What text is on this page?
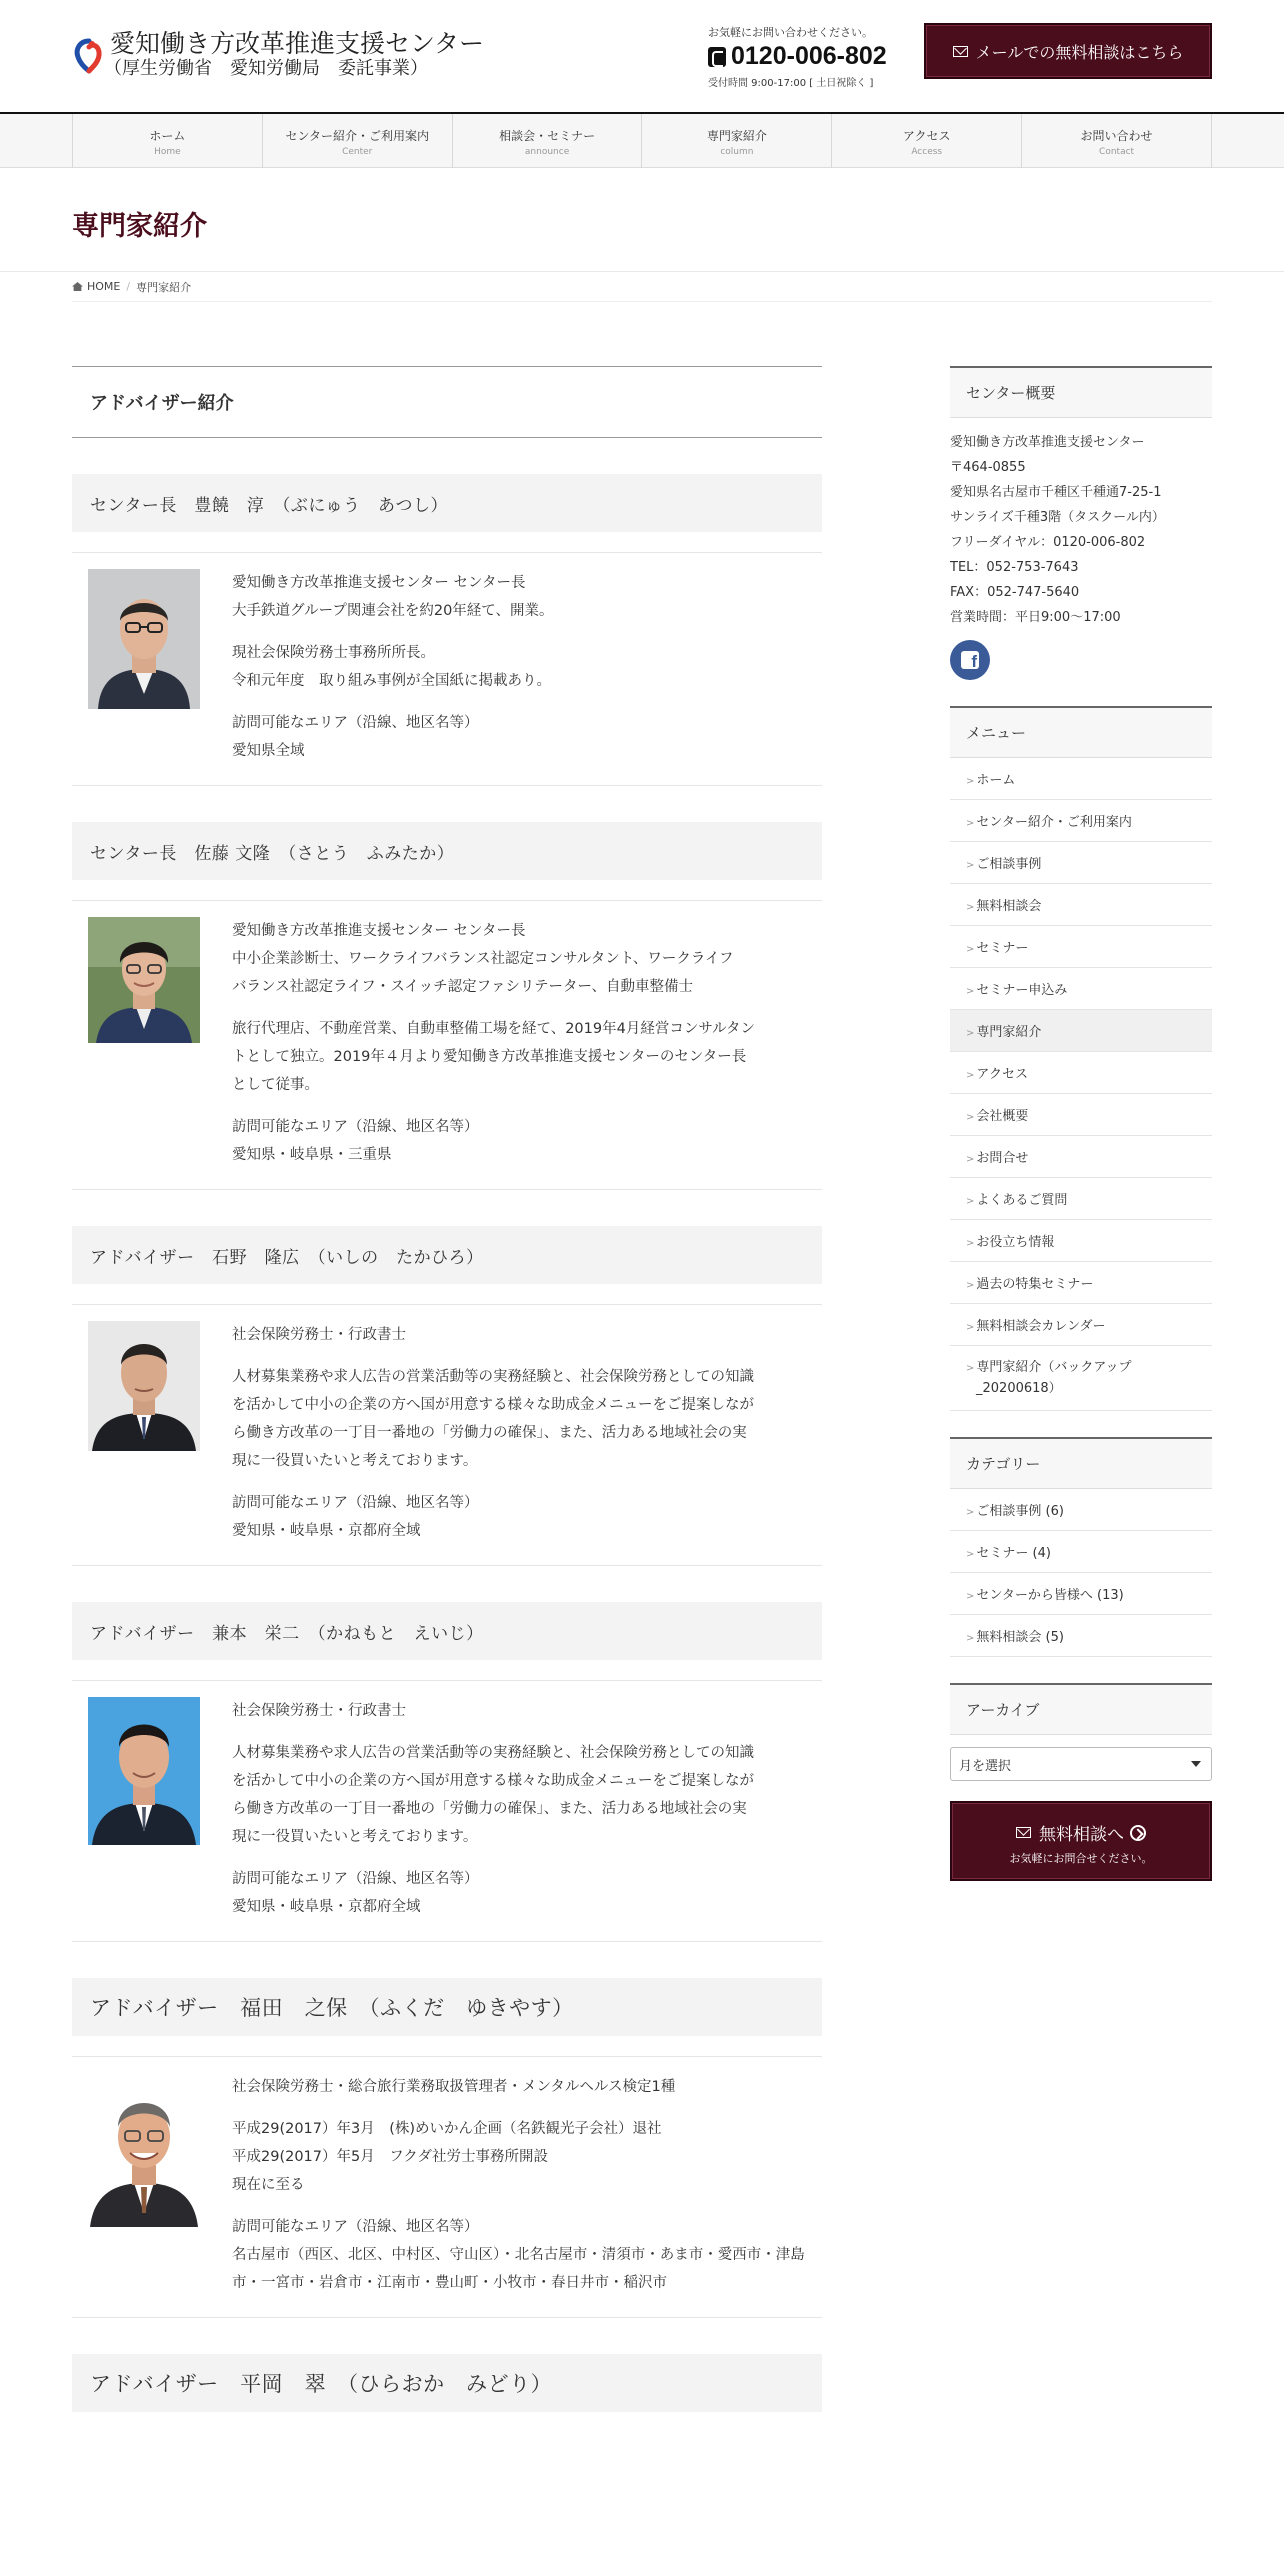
愛知働き方改革推進支援センター
（厚生労働省　愛知労働局　委託事業）
お気軽にお問い合わせください。
0120-006-802
受付時間 9:00-17:00 [ 土日祝除く ]
メールでの無料相談はこちら
ホーム
Home
センター紹介・ご利用案内
Center
相談会・セミナー
announce
専門家紹介
column
アクセス
Access
お問い合わせ
Contact
専門家紹介
HOME / 専門家紹介
アドバイザー紹介
センター長　豊饒　淳　（ぶにゅう　あつし）

愛知働き方改革推進支援センター センター長
大手鉄道グループ関連会社を約20年経て、開業。

現社会保険労務士事務所所長。
令和元年度　取り組み事例が全国紙に掲載あり。

訪問可能なエリア（沿線、地区名等）
愛知県全域

センター長　佐藤 文隆　（さとう　ふみたか）

愛知働き方改革推進支援センター センター長
中小企業診断士、ワークライフバランス社認定コンサルタント、ワークライフ
バランス社認定ライフ・スイッチ認定ファシリテーター、自動車整備士

旅行代理店、不動産営業、自動車整備工場を経て、2019年4月経営コンサルタン
トとして独立。2019年４月より愛知働き方改革推進支援センターのセンター長
として従事。

訪問可能なエリア（沿線、地区名等）
愛知県・岐阜県・三重県

アドバイザー　石野　隆広　（いしの　たかひろ）

社会保険労務士・行政書士

人材募集業務や求人広告の営業活動等の実務経験と、社会保険労務としての知識
を活かして中小の企業の方へ国が用意する様々な助成金メニューをご提案しなが
ら働き方改革の一丁目一番地の「労働力の確保」、また、活力ある地域社会の実
現に一役買いたいと考えております。

訪問可能なエリア（沿線、地区名等）
愛知県・岐阜県・京都府全域

アドバイザー　兼本　栄二　（かねもと　えいじ）

社会保険労務士・行政書士

人材募集業務や求人広告の営業活動等の実務経験と、社会保険労務としての知識
を活かして中小の企業の方へ国が用意する様々な助成金メニューをご提案しなが
ら働き方改革の一丁目一番地の「労働力の確保」、また、活力ある地域社会の実
現に一役買いたいと考えております。

訪問可能なエリア（沿線、地区名等）
愛知県・岐阜県・京都府全域

アドバイザー　福田　之保　（ふくだ　ゆきやす）

社会保険労務士・総合旅行業務取扱管理者・メンタルヘルス検定1種

平成29(2017）年3月　(株)めいかん企画（名鉄観光子会社）退社
平成29(2017）年5月　フクダ社労士事務所開設
現在に至る

訪問可能なエリア（沿線、地区名等）
名古屋市（西区、北区、中村区、守山区）・北名古屋市・清須市・あま市・愛西市・津島市・一宮市・岩倉市・江南市・豊山町・小牧市・春日井市・稲沢市

アドバイザー　平岡　翠　（ひらおか　みどり）
センター概要
愛知働き方改革推進支援センター
〒464-0855
愛知県名古屋市千種区千種通7-25-1
サンライズ千種3階（タスクール内）
フリーダイヤル：0120-006-802
TEL：052-753-7643
FAX：052-747-5640
営業時間：平日9:00～17:00
f
メニュー
> ホーム
> センター紹介・ご利用案内
> ご相談事例
> 無料相談会
> セミナー
> セミナー申込み
> 専門家紹介
> アクセス
> 会社概要
> お問合せ
> よくあるご質問
> お役立ち情報
> 過去の特集セミナー
> 無料相談会カレンダー
> 専門家紹介（バックアップ
_20200618）
カテゴリー
> ご相談事例 (6)
> セミナー (4)
> センターから皆様へ (13)
> 無料相談会 (5)
アーカイブ
月を選択
無料相談へ
お気軽にお問合せください。
